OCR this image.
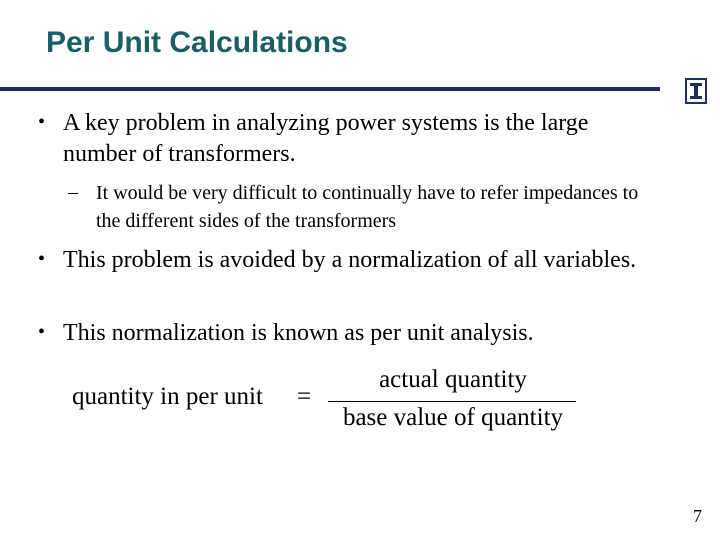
Per Unit Calculations
• A key problem in analyzing power systems is the large number of transformers.
– It would be very difficult to continually have to refer impedances to the different sides of the transformers
• This problem is avoided by a normalization of all variables.
• This normalization is known as per unit analysis.
quantity in per unit =
actual quantity
base value of quantity
7
